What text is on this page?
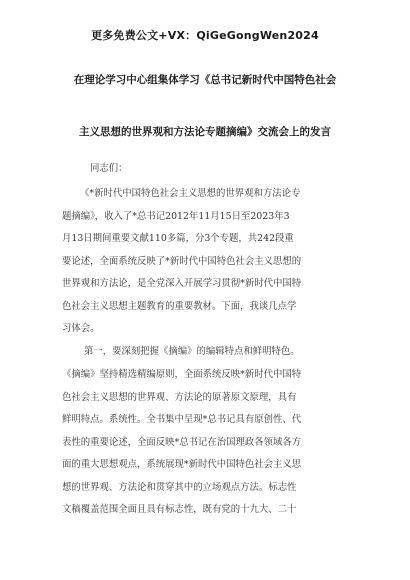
更多免费公文+VX：QiGeGongWen2024
在理论学习中心组集体学习《总书记新时代中国特色社会
主义思想的世界观和方法论专题摘编》交流会上的发言
同志们：
《*新时代中国特色社会主义思想的世界观和方法论专
题摘编》，收入了*总书记2012年11月15日至2023年3
月13日期间重要文献110多篇，分3个专题，共242段重
要论述，全面系统反映了*新时代中国特色社会主义思想的
世界观和方法论，是全党深入开展学习贯彻*新时代中国特
色社会主义思想主题教育的重要教材。下面，我谈几点学
习体会。
第一，要深刻把握《摘编》的编辑特点和鲜明特色。
《摘编》坚持精选精编原则，全面系统反映*新时代中国特
色社会主义思想的世界观、方法论的原著原文原理，具有
鲜明特点。系统性。全书集中呈现*总书记具有原创性、代
表性的重要论述，全面反映*总书记在治国理政各领域各方
面的重大思想观点，系统展现*新时代中国特色社会主义思
想的世界观、方法论和贯穿其中的立场观点方法。标志性
文稿覆盖范围全面且具有标志性，既有党的十九大、二十
